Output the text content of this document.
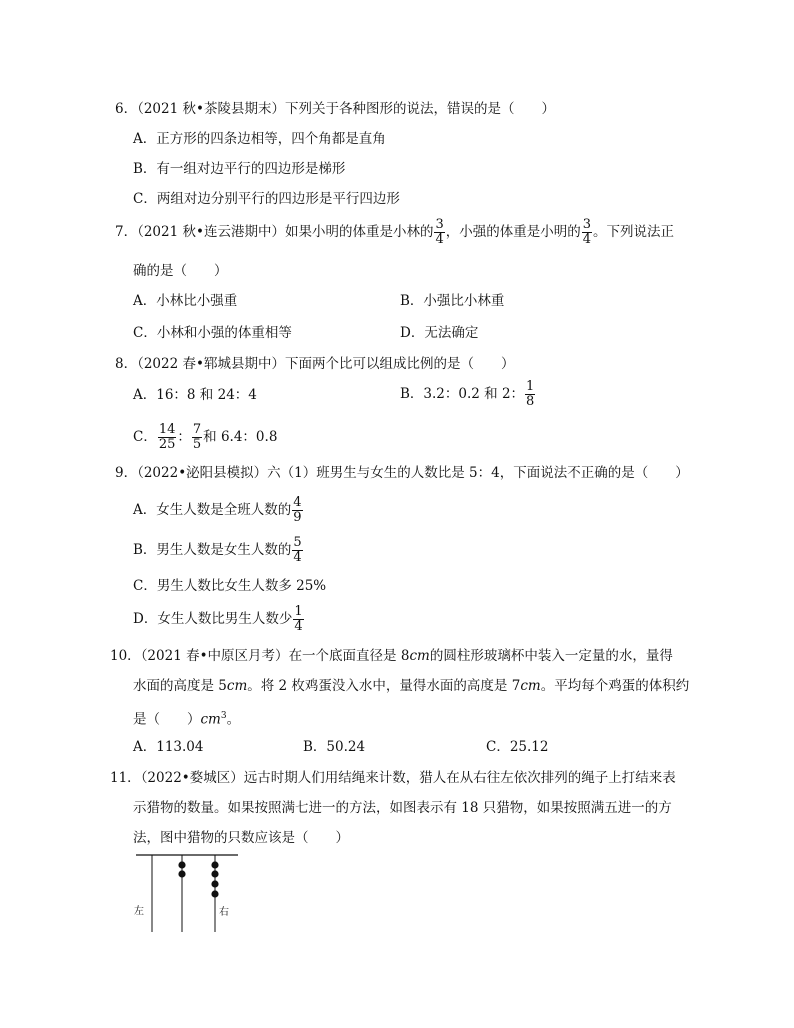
6．（2021 秋•茶陵县期末）下列关于各种图形的说法，错误的是（　　）
A．正方形的四条边相等，四个角都是直角
B．有一组对边平行的四边形是梯形
C．两组对边分别平行的四边形是平行四边形
7．（2021 秋•连云港期中）如果小明的体重是小林的 $\frac{3}{4}$ ，小强的体重是小明的 $\frac{3}{4}$ 。下列说法正
确的是（　　）
A．小林比小强重	B．小强比小林重
C．小林和小强的体重相等	D．无法确定
8．（2022 春•郓城县期中）下面两个比可以组成比例的是（　　）
A．16：8 和 24：4	B．3.2：0.2 和 2： $\frac{1}{8}$
C． $\frac{14}{25}$ ： $\frac{7}{5}$ 和 6.4：0.8
9．（2022•泌阳县模拟）六（1）班男生与女生的人数比是 5：4，下面说法不正确的是（　　）
A．女生人数是全班人数的 $\frac{4}{9}$
B．男生人数是女生人数的 $\frac{5}{4}$
C．男生人数比女生人数多 25%
D．女生人数比男生人数少 $\frac{1}{4}$
10．（2021 春•中原区月考）在一个底面直径是 8cm的圆柱形玻璃杯中装入一定量的水，量得
水面的高度是 5cm。将 2 枚鸡蛋没入水中，量得水面的高度是 7cm。平均每个鸡蛋的体积约
是（　　）$cm^3$。
A．113.04	B．50.24	C．25.12
11．（2022•婺城区）远古时期人们用结绳来计数，猎人在从右往左依次排列的绳子上打结来表
示猎物的数量。如果按照满七进一的方法，如图表示有 18 只猎物，如果按照满五进一的方
法，图中猎物的只数应该是（　　）
左	右
